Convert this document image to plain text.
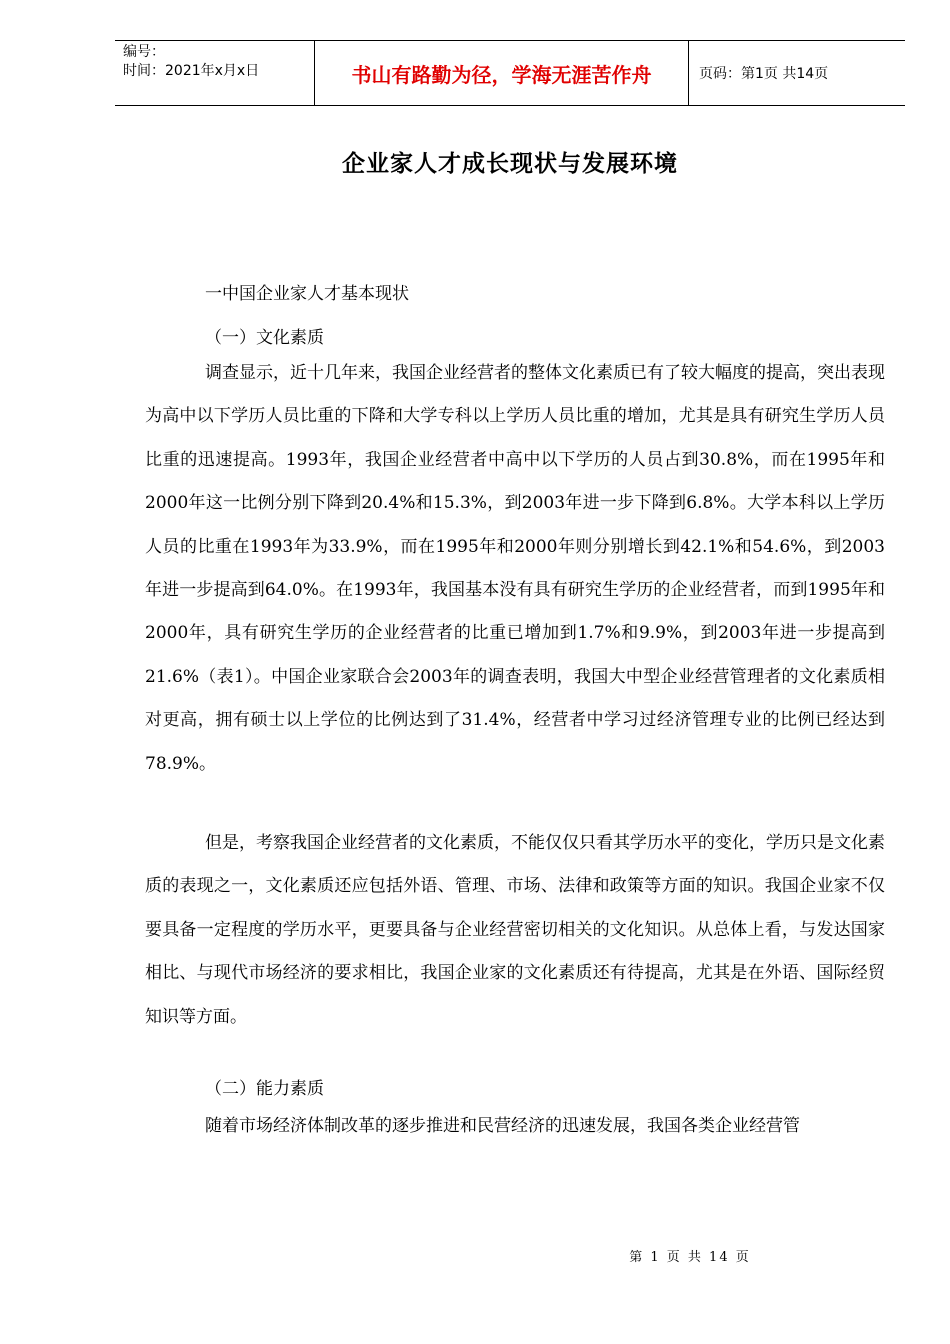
编号：
时间：2021年x月x日	书山有路勤为径，学海无涯苦作舟	页码：第1页 共14页
企业家人才成长现状与发展环境

一中国企业家人才基本现状

（一）文化素质

调查显示，近十几年来，我国企业经营者的整体文化素质已有了较大幅度的提高，突出表现为高中以下学历人员比重的下降和大学专科以上学历人员比重的增加，尤其是具有研究生学历人员比重的迅速提高。1993年，我国企业经营者中高中以下学历的人员占到30.8%，而在1995年和2000年这一比例分别下降到20.4%和15.3%，到2003年进一步下降到6.8%。大学本科以上学历人员的比重在1993年为33.9%，而在1995年和2000年则分别增长到42.1%和54.6%，到2003年进一步提高到64.0%。在1993年，我国基本没有具有研究生学历的企业经营者，而到1995年和2000年，具有研究生学历的企业经营者的比重已增加到1.7%和9.9%，到2003年进一步提高到21.6%（表1）。中国企业家联合会2003年的调查表明，我国大中型企业经营管理者的文化素质相对更高，拥有硕士以上学位的比例达到了31.4%，经营者中学习过经济管理专业的比例已经达到78.9%。

但是，考察我国企业经营者的文化素质，不能仅仅只看其学历水平的变化，学历只是文化素质的表现之一，文化素质还应包括外语、管理、市场、法律和政策等方面的知识。我国企业家不仅要具备一定程度的学历水平，更要具备与企业经营密切相关的文化知识。从总体上看，与发达国家相比、与现代市场经济的要求相比，我国企业家的文化素质还有待提高，尤其是在外语、国际经贸知识等方面。

（二）能力素质

随着市场经济体制改革的逐步推进和民营经济的迅速发展，我国各类企业经营管

第 1 页 共 14 页
